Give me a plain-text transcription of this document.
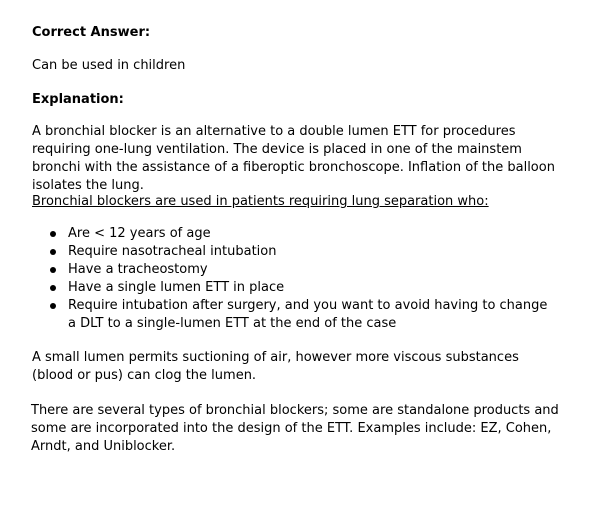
Correct Answer:
Can be used in children
Explanation:
A bronchial blocker is an alternative to a double lumen ETT for procedures requiring one-lung ventilation. The device is placed in one of the mainstem bronchi with the assistance of a fiberoptic bronchoscope. Inflation of the balloon isolates the lung.
Bronchial blockers are used in patients requiring lung separation who:
Are < 12 years of age
Require nasotracheal intubation
Have a tracheostomy
Have a single lumen ETT in place
Require intubation after surgery, and you want to avoid having to change a DLT to a single-lumen ETT at the end of the case
A small lumen permits suctioning of air, however more viscous substances (blood or pus) can clog the lumen.
There are several types of bronchial blockers; some are standalone products and some are incorporated into the design of the ETT. Examples include: EZ, Cohen, Arndt, and Uniblocker.
